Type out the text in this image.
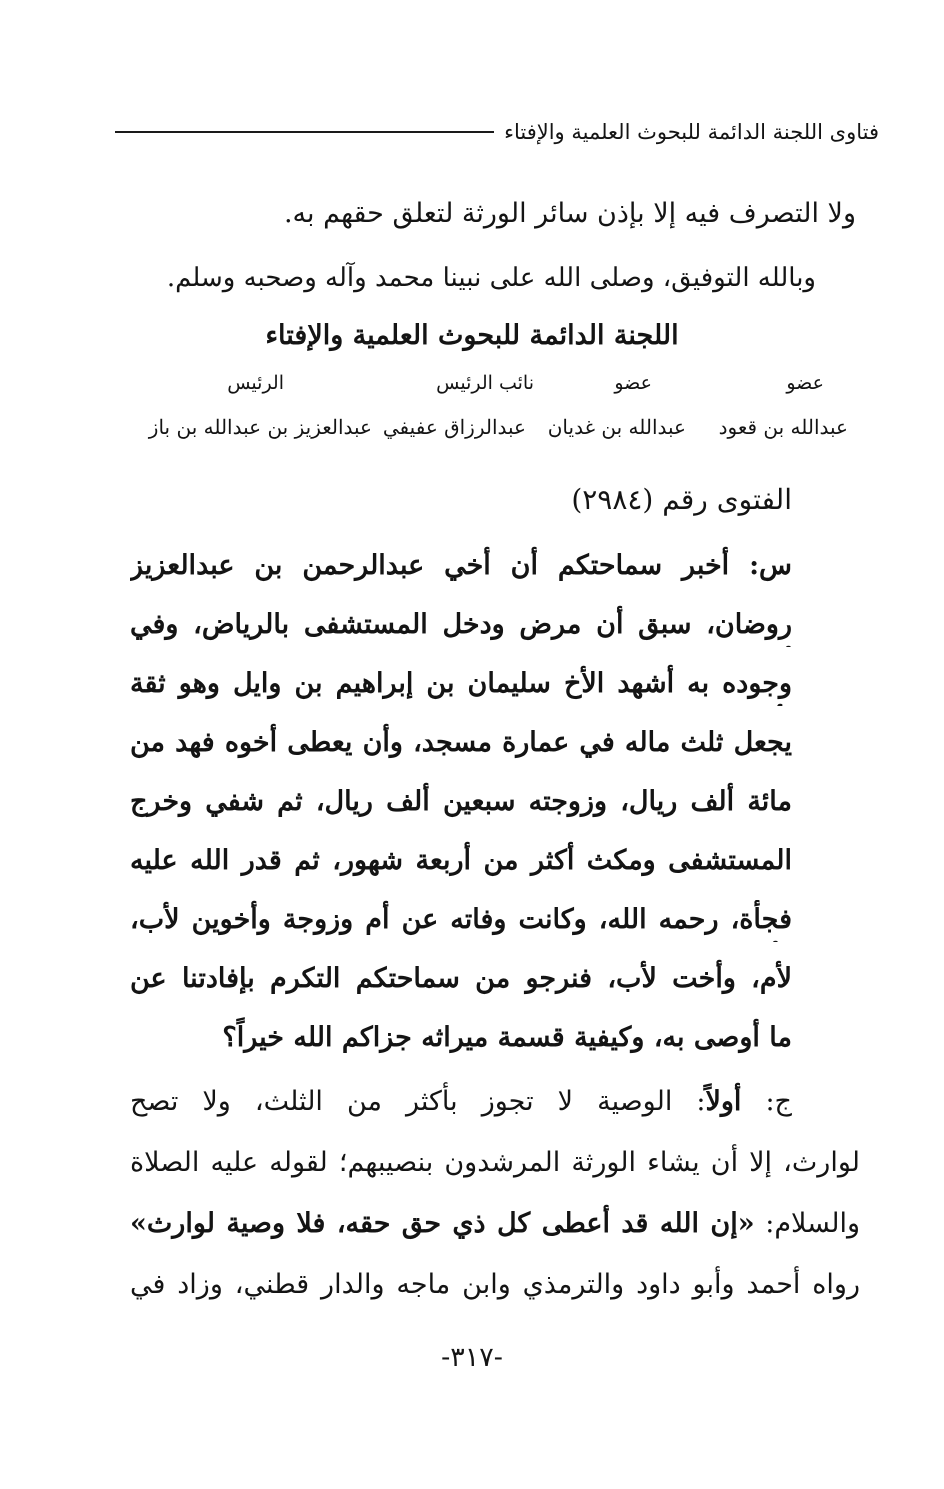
فتاوى اللجنة الدائمة للبحوث العلمية والإفتاء
ولا التصرف فيه إلا بإذن سائر الورثة لتعلق حقهم به.
وبالله التوفيق، وصلى الله على نبينا محمد وآله وصحبه وسلم.
اللجنة الدائمة للبحوث العلمية والإفتاء
عضو
عضو
نائب الرئيس
الرئيس
عبدالله بن قعود
عبدالله بن غديان
عبدالرزاق عفيفي
عبدالعزيز بن عبدالله بن باز
الفتوى رقم (٢٩٨٤)
س: أخبر سماحتكم أن أخي عبدالرحمن بن عبدالعزيز
روضان، سبق أن مرض ودخل المستشفى بالرياض، وفي
وجوده به أشهد الأخ سليمان بن إبراهيم بن وايل وهو ثقة
يجعل ثلث ماله في عمارة مسجد، وأن يعطى أخوه فهد من
مائة ألف ريال، وزوجته سبعين ألف ريال، ثم شفي وخرج
المستشفى ومكث أكثر من أربعة شهور، ثم قدر الله عليه
فجأة، رحمه الله، وكانت وفاته عن أم وزوجة وأخوين لأب،
لأم، وأخت لأب، فنرجو من سماحتكم التكرم بإفادتنا عن
ما أوصى به، وكيفية قسمة ميراثه جزاكم الله خيراً؟
ج: أولاً: الوصية لا تجوز بأكثر من الثلث، ولا تصح
لوارث، إلا أن يشاء الورثة المرشدون بنصيبهم؛ لقوله عليه الصلاة
والسلام: «إن الله قد أعطى كل ذي حق حقه، فلا وصية لوارث»
رواه أحمد وأبو داود والترمذي وابن ماجه والدار قطني، وزاد في
-٣١٧-
